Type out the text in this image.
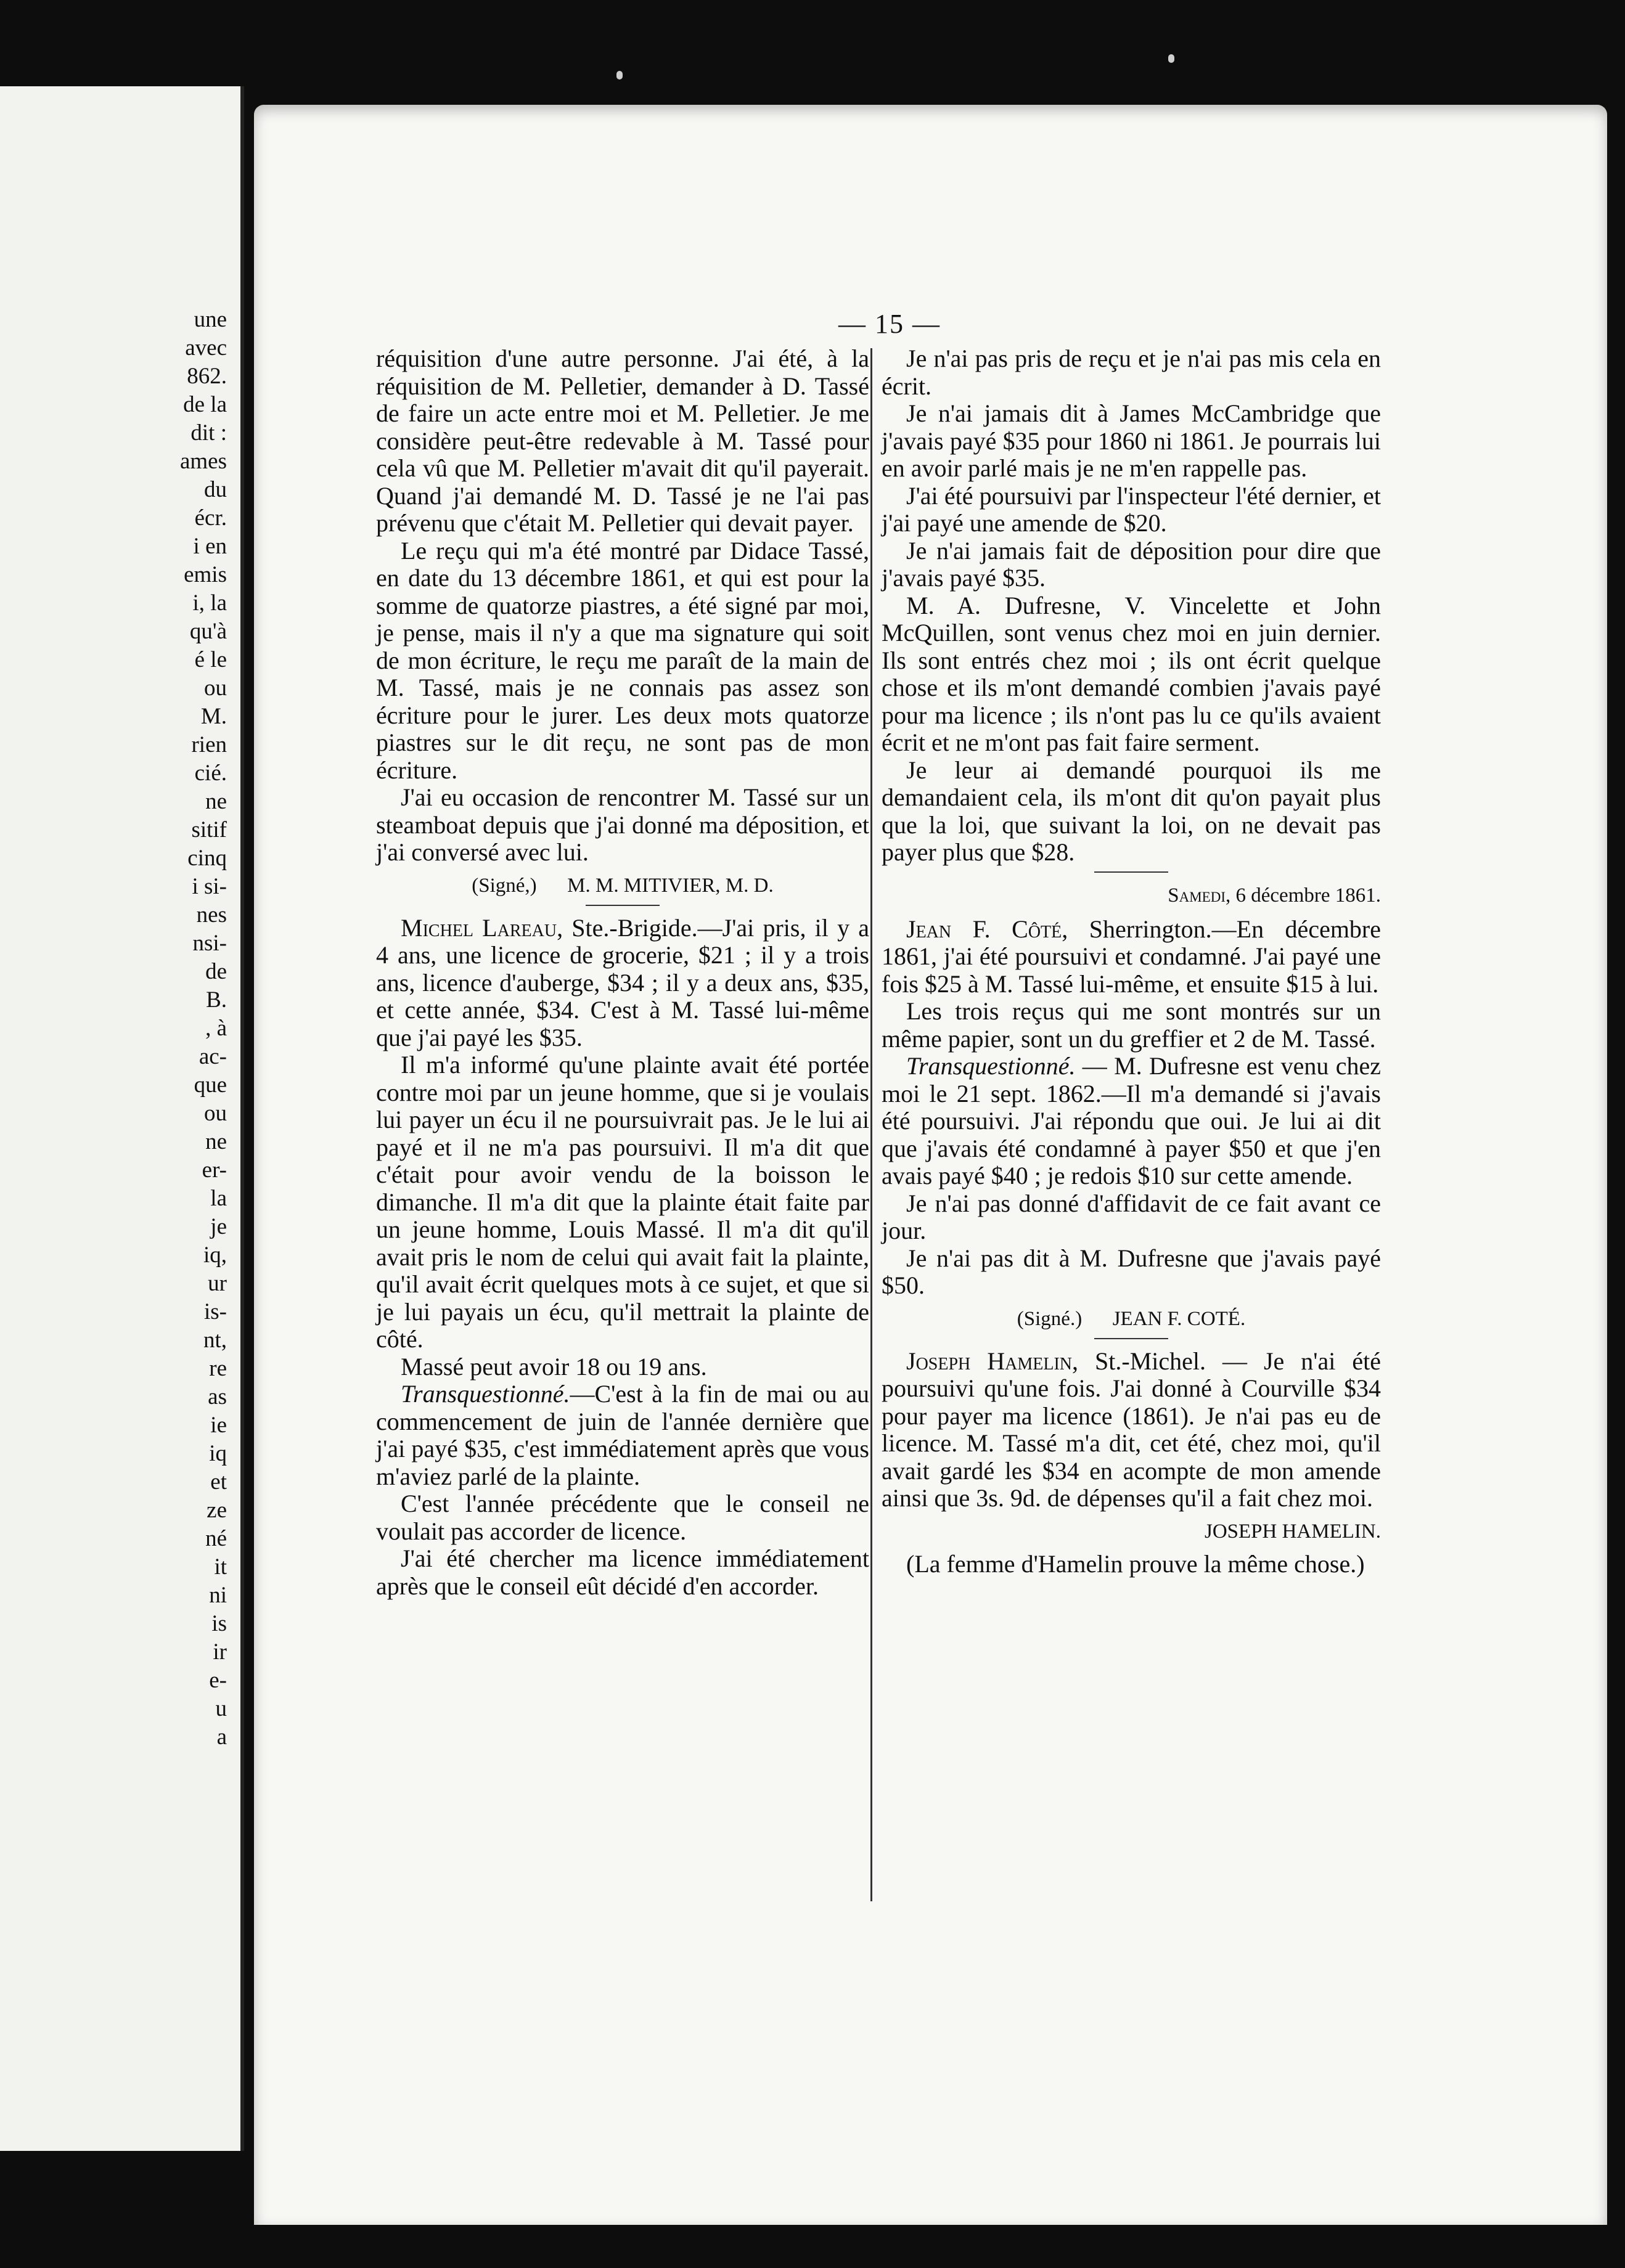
une
avec
862.
de la
dit :
ames
du
écr.
i en
emis
i, la
qu'à
é le
ou
M.
rien
cié.
ne
sitif
cinq
i si-
nes
nsi-
de
B.
, à
ac-
que
ou
ne
er-
la
je
iq,
ur
is-
nt,
re
as
ie
iq
et
ze
né
it
ni
is
ir
e-
u
a
— 15 —

réquisition d'une autre personne. J'ai été, à la réquisition de M. Pelletier, demander à D. Tassé de faire un acte entre moi et M. Pelletier. Je me considère peut-être redevable à M. Tassé pour cela vû que M. Pelletier m'avait dit qu'il payerait. Quand j'ai demandé M. D. Tassé je ne l'ai pas prévenu que c'était M. Pelletier qui devait payer.

Le reçu qui m'a été montré par Didace Tassé, en date du 13 décembre 1861, et qui est pour la somme de quatorze piastres, a été signé par moi, je pense, mais il n'y a que ma signature qui soit de mon écriture, le reçu me paraît de la main de M. Tassé, mais je ne connais pas assez son écriture pour le jurer. Les deux mots quatorze piastres sur le dit reçu, ne sont pas de mon écriture.

J'ai eu occasion de rencontrer M. Tassé sur un steamboat depuis que j'ai donné ma déposition, et j'ai conversé avec lui.

(Signé,) M. M. MITIVIER, M. D.

Michel Lareau, Ste.-Brigide.—J'ai pris, il y a 4 ans, une licence de grocerie, $21 ; il y a trois ans, licence d'auberge, $34 ; il y a deux ans, $35, et cette année, $34. C'est à M. Tassé lui-même que j'ai payé les $35.

Il m'a informé qu'une plainte avait été portée contre moi par un jeune homme, que si je voulais lui payer un écu il ne poursuivrait pas. Je le lui ai payé et il ne m'a pas poursuivi. Il m'a dit que c'était pour avoir vendu de la boisson le dimanche. Il m'a dit que la plainte était faite par un jeune homme, Louis Massé. Il m'a dit qu'il avait pris le nom de celui qui avait fait la plainte, qu'il avait écrit quelques mots à ce sujet, et que si je lui payais un écu, qu'il mettrait la plainte de côté.

Massé peut avoir 18 ou 19 ans.

Transquestionné.—C'est à la fin de mai ou au commencement de juin de l'année dernière que j'ai payé $35, c'est immédiatement après que vous m'aviez parlé de la plainte.

C'est l'année précédente que le conseil ne voulait pas accorder de licence.

J'ai été chercher ma licence immédiatement après que le conseil eût décidé d'en accorder.

Je n'ai pas pris de reçu et je n'ai pas mis cela en écrit.

Je n'ai jamais dit à James McCambridge que j'avais payé $35 pour 1860 ni 1861. Je pourrais lui en avoir parlé mais je ne m'en rappelle pas.

J'ai été poursuivi par l'inspecteur l'été dernier, et j'ai payé une amende de $20.

Je n'ai jamais fait de déposition pour dire que j'avais payé $35.

M. A. Dufresne, V. Vincelette et John McQuillen, sont venus chez moi en juin dernier. Ils sont entrés chez moi ; ils ont écrit quelque chose et ils m'ont demandé combien j'avais payé pour ma licence ; ils n'ont pas lu ce qu'ils avaient écrit et ne m'ont pas fait faire serment.

Je leur ai demandé pourquoi ils me demandaient cela, ils m'ont dit qu'on payait plus que la loi, que suivant la loi, on ne devait pas payer plus que $28.

Samedi, 6 décembre 1861.

Jean F. Côté, Sherrington.—En décembre 1861, j'ai été poursuivi et condamné. J'ai payé une fois $25 à M. Tassé lui-même, et ensuite $15 à lui.

Les trois reçus qui me sont montrés sur un même papier, sont un du greffier et 2 de M. Tassé.

Transquestionné. — M. Dufresne est venu chez moi le 21 sept. 1862.—Il m'a demandé si j'avais été poursuivi. J'ai répondu que oui. Je lui ai dit que j'avais été condamné à payer $50 et que j'en avais payé $40 ; je redois $10 sur cette amende.

Je n'ai pas donné d'affidavit de ce fait avant ce jour.

Je n'ai pas dit à M. Dufresne que j'avais payé $50.

(Signé.) JEAN F. COTÉ.

Joseph Hamelin, St.-Michel. — Je n'ai été poursuivi qu'une fois. J'ai donné à Courville $34 pour payer ma licence (1861). Je n'ai pas eu de licence. M. Tassé m'a dit, cet été, chez moi, qu'il avait gardé les $34 en acompte de mon amende ainsi que 3s. 9d. de dépenses qu'il a fait chez moi.

JOSEPH HAMELIN.

(La femme d'Hamelin prouve la même chose.)
